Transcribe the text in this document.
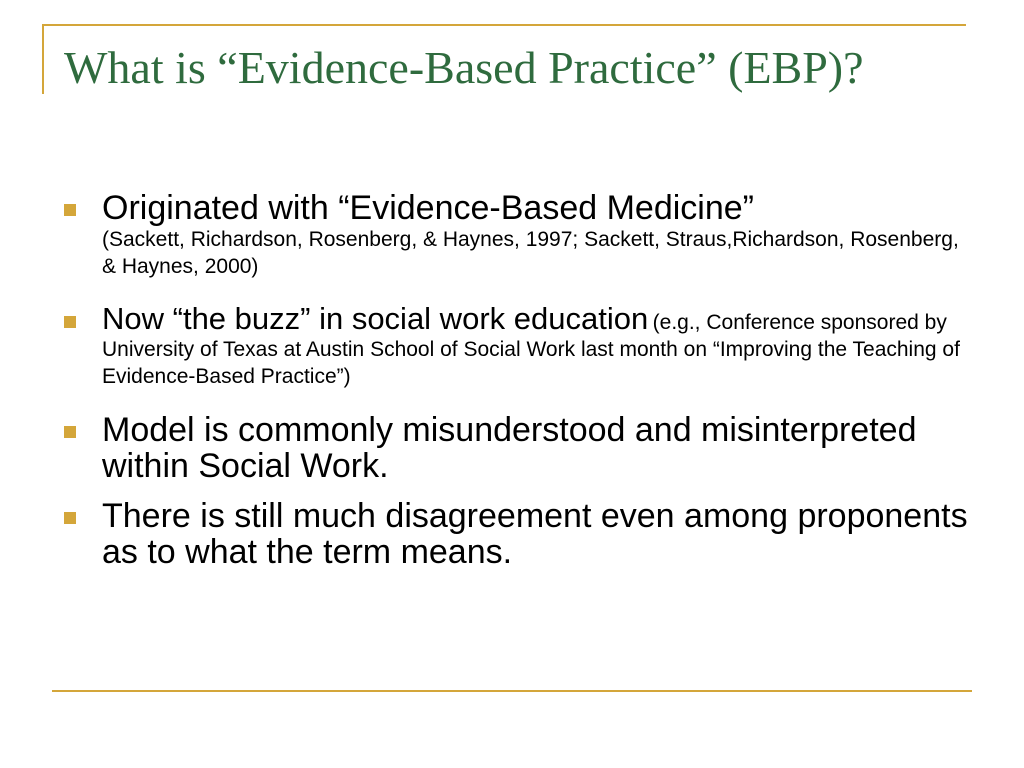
What is “Evidence-Based Practice” (EBP)?
Originated with “Evidence-Based Medicine”
(Sackett, Richardson, Rosenberg, & Haynes, 1997; Sackett, Straus,Richardson, Rosenberg, & Haynes, 2000)
Now “the buzz” in social work education (e.g., Conference sponsored by University of Texas at Austin School of Social Work last month on “Improving the Teaching of Evidence-Based Practice”)
Model is commonly misunderstood and misinterpreted within Social Work.
There is still much disagreement even among proponents as to what the term means.
